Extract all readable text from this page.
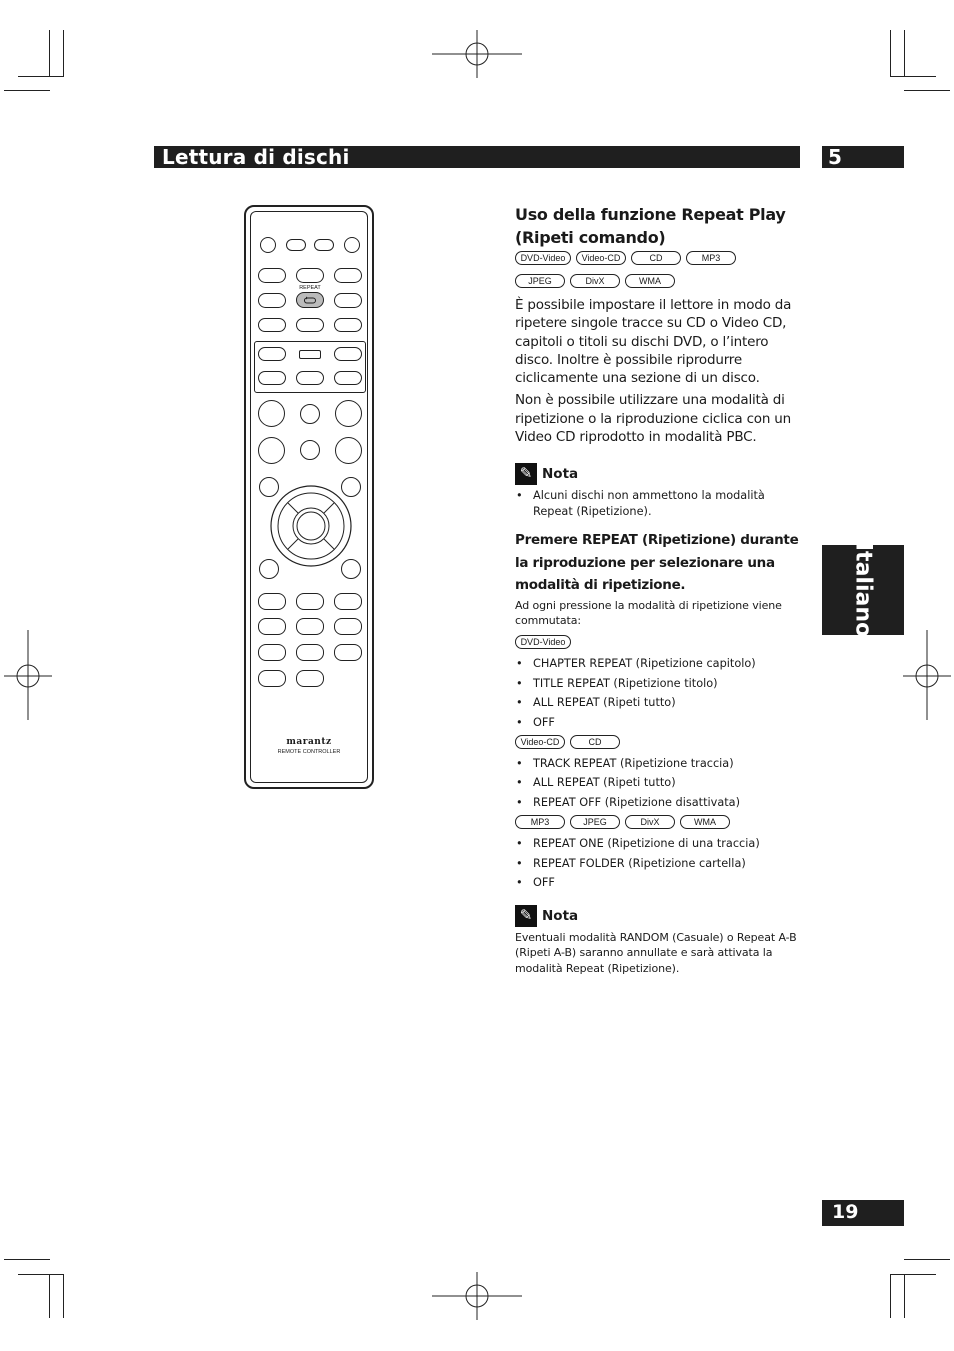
Lettura di dischi	5
Italiano
19
REPEAT
marantz
REMOTE CONTROLLER
Uso della funzione Repeat Play (Ripeti comando)
DVD-Video	Video-CD	CD	MP3
JPEG	DivX	WMA
È possibile impostare il lettore in modo da ripetere singole tracce su CD o Video CD, capitoli o titoli su dischi DVD, o l’intero disco. Inoltre è possibile riprodurre ciclicamente una sezione di un disco.
Non è possibile utilizzare una modalità di ripetizione o la riproduzione ciclica con un Video CD riprodotto in modalità PBC.
✎ Nota
• Alcuni dischi non ammettono la modalità Repeat (Ripetizione).
Premere REPEAT (Ripetizione) durante la riproduzione per selezionare una modalità di ripetizione.
Ad ogni pressione la modalità di ripetizione viene commutata:
DVD-Video
• CHAPTER REPEAT (Ripetizione capitolo)
• TITLE REPEAT (Ripetizione titolo)
• ALL REPEAT (Ripeti tutto)
• OFF
Video-CD	CD
• TRACK REPEAT (Ripetizione traccia)
• ALL REPEAT (Ripeti tutto)
• REPEAT OFF (Ripetizione disattivata)
MP3	JPEG	DivX	WMA
• REPEAT ONE (Ripetizione di una traccia)
• REPEAT FOLDER (Ripetizione cartella)
• OFF
✎ Nota
Eventuali modalità RANDOM (Casuale) o Repeat A-B (Ripeti A-B) saranno annullate e sarà attivata la modalità Repeat (Ripetizione).
